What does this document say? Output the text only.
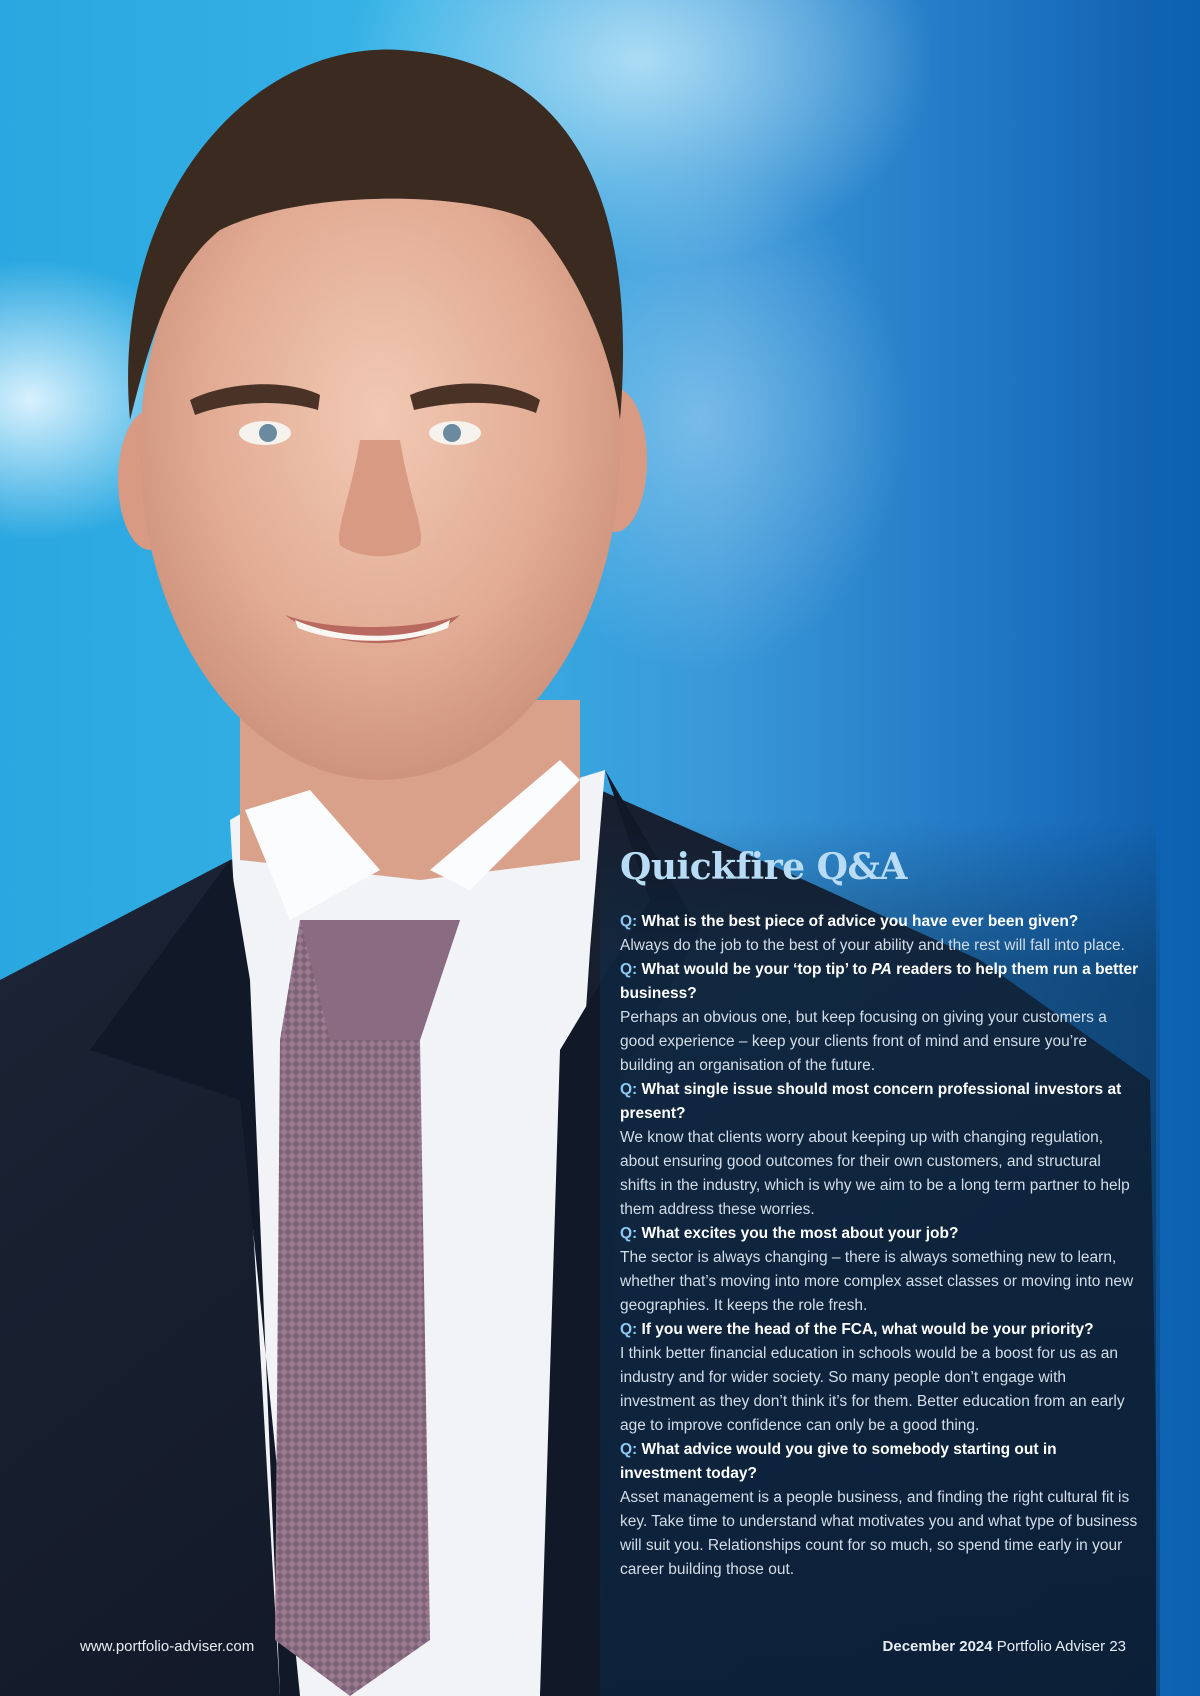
Quickfire Q&A

Q: What is the best piece of advice you have ever been given?

Always do the job to the best of your ability and the rest will fall into place.

Q: What would be your ‘top tip’ to PA readers to help them run a better business?

Perhaps an obvious one, but keep focusing on giving your customers a good experience – keep your clients front of mind and ensure you’re building an organisation of the future.

Q: What single issue should most concern professional investors at present?

We know that clients worry about keeping up with changing regulation, about ensuring good outcomes for their own customers, and structural shifts in the industry, which is why we aim to be a long term partner to help them address these worries.

Q: What excites you the most about your job?

The sector is always changing – there is always something new to learn, whether that’s moving into more complex asset classes or moving into new geographies. It keeps the role fresh.

Q: If you were the head of the FCA, what would be your priority?

I think better financial education in schools would be a boost for us as an industry and for wider society. So many people don’t engage with investment as they don’t think it’s for them. Better education from an early age to improve confidence can only be a good thing.

Q: What advice would you give to somebody starting out in investment today?

Asset management is a people business, and finding the right cultural fit is key. Take time to understand what motivates you and what type of business will suit you. Relationships count for so much, so spend time early in your career building those out.

www.portfolio-adviser.com	December 2024 Portfolio Adviser 23
